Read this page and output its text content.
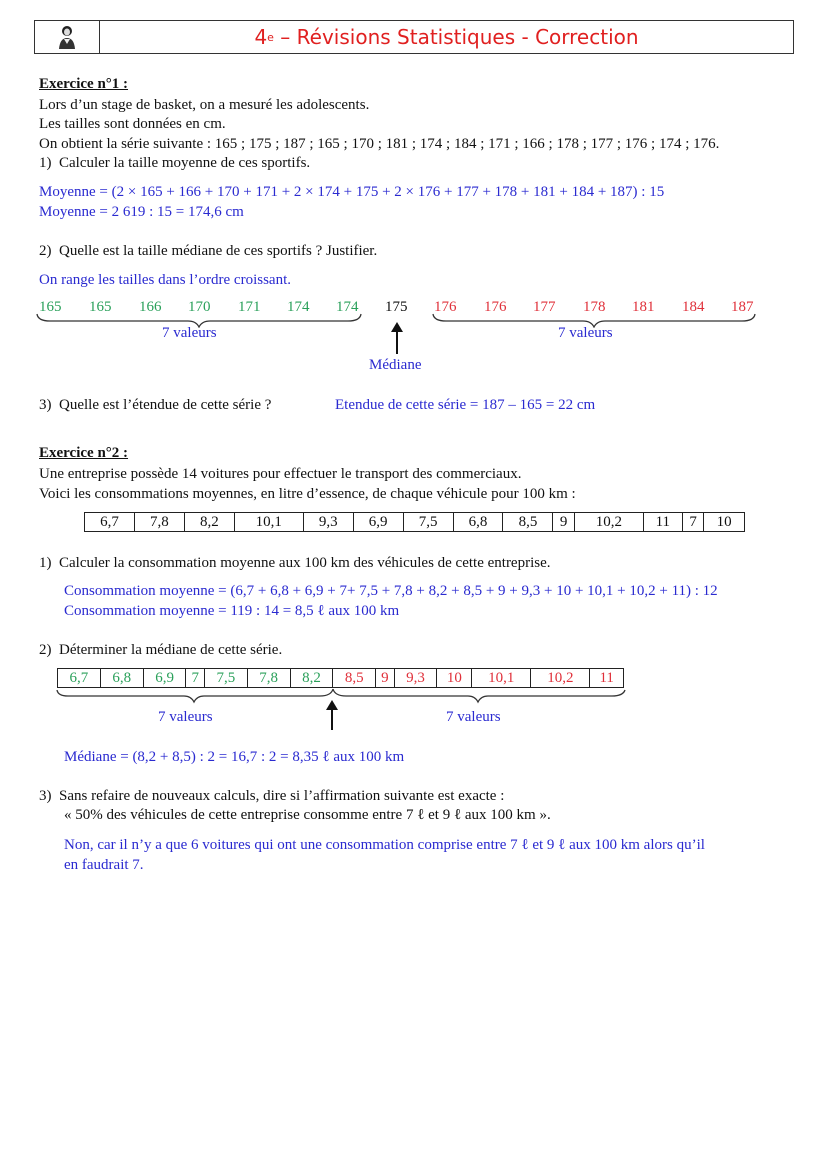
4 e – Révisions Statistiques - Correction
Exercice n°1 :
Lors d’un stage de basket, on a mesuré les adolescents.
Les tailles sont données en cm.
On obtient la série suivante : 165 ; 175 ; 187 ; 165 ; 170 ; 181 ; 174 ; 184 ; 171 ; 166 ; 178 ; 177 ; 176 ; 174 ; 176.
1)  Calculer la taille moyenne de ces sportifs.
Moyenne = (2 × 165 + 166 + 170 + 171 + 2 × 174 + 175 + 2 × 176 + 177 + 178 + 181 + 184 + 187) : 15
Moyenne = 2 619 : 15 = 174,6 cm
2)  Quelle est la taille médiane de ces sportifs ? Justifier.
On range les tailles dans l’ordre croissant.
165 165 166 170 171 174 174 175 176 176 177 178 181 184 187
7 valeurs	7 valeurs
Médiane
3)  Quelle est l’étendue de cette série ?	Etendue de cette série = 187 – 165 = 22 cm
Exercice n°2 :
Une entreprise possède 14 voitures pour effectuer le transport des commerciaux.
Voici les consommations moyennes, en litre d’essence, de chaque véhicule pour 100 km :
6,7	7,8	8,2	10,1	9,3	6,9	7,5	6,8	8,5	9	10,2	11	7	10
1)  Calculer la consommation moyenne aux 100 km des véhicules de cette entreprise.
Consommation moyenne = (6,7 + 6,8 + 6,9 + 7+ 7,5 + 7,8 + 8,2 + 8,5 + 9 + 9,3 + 10 + 10,1 + 10,2 + 11) : 12
Consommation moyenne = 119 : 14 = 8,5 ℓ aux 100 km
2)  Déterminer la médiane de cette série.
6,7	6,8	6,9	7	7,5	7,8	8,2	8,5	9	9,3	10	10,1	10,2	11
7 valeurs	7 valeurs
Médiane = (8,2 + 8,5) : 2 = 16,7 : 2 = 8,35 ℓ aux 100 km
3)  Sans refaire de nouveaux calculs, dire si l’affirmation suivante est exacte :
« 50% des véhicules de cette entreprise consomme entre 7 ℓ et 9 ℓ aux 100 km ».
Non, car il n’y a que 6 voitures qui ont une consommation comprise entre 7 ℓ et 9 ℓ aux 100 km alors qu’il
en faudrait 7.
